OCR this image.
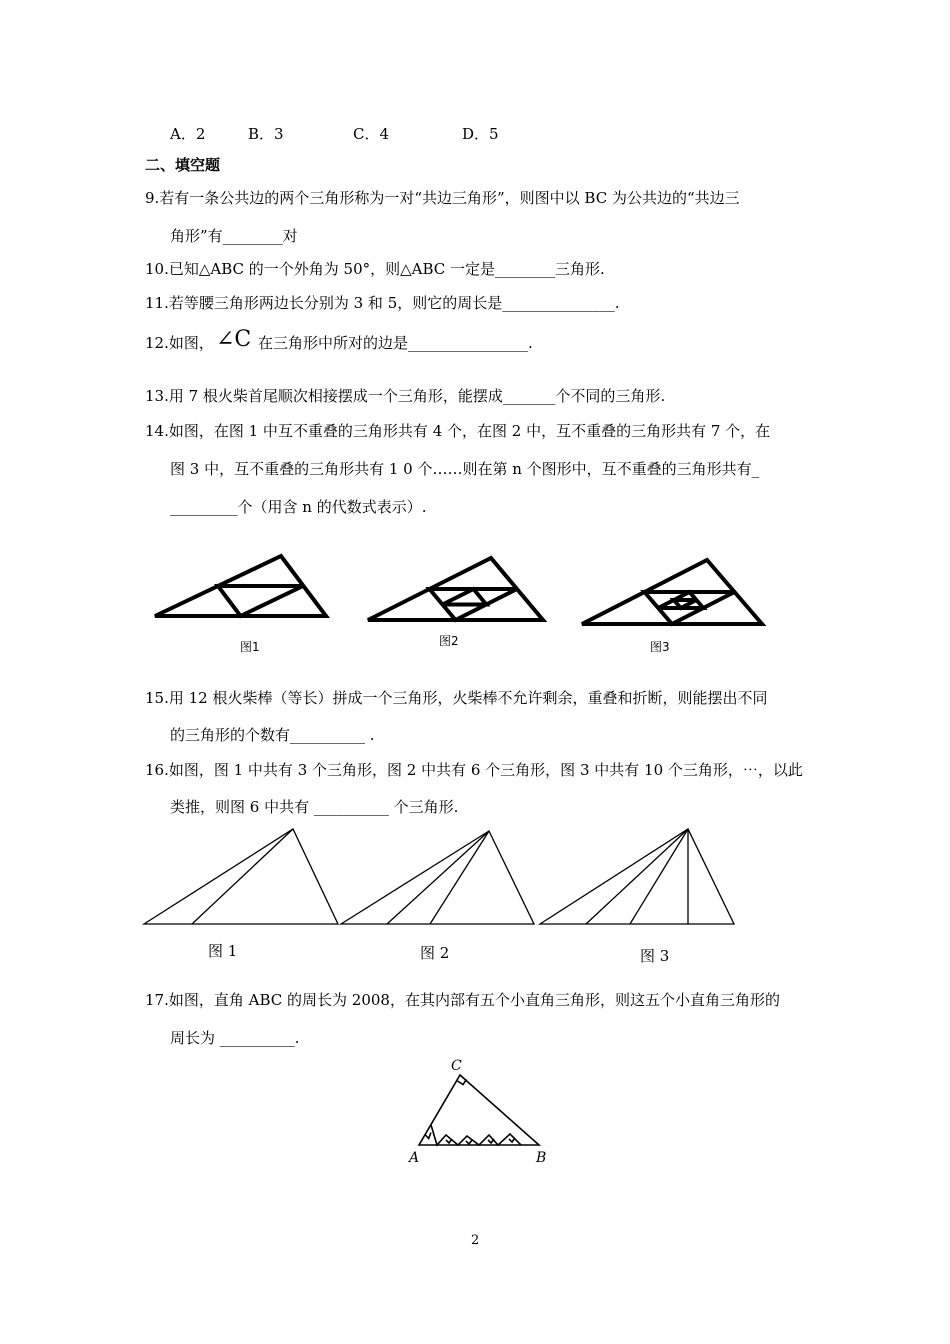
A．2	B．3	C．4	D．5
二、填空题
9.若有一条公共边的两个三角形称为一对“共边三角形”，则图中以 BC 为公共边的“共边三
角形”有________对
10.已知△ABC 的一个外角为 50°，则△ABC 一定是________三角形.
11.若等腰三角形两边长分别为 3 和 5，则它的周长是_______________.
12.如图， ∠C 在三角形中所对的边是________________.
13.用 7 根火柴首尾顺次相接摆成一个三角形，能摆成_______个不同的三角形.
14.如图，在图 1 中互不重叠的三角形共有 4 个，在图 2 中，互不重叠的三角形共有 7 个，在
图 3 中，互不重叠的三角形共有 1 0 个……则在第 n 个图形中，互不重叠的三角形共有_
_________个（用含 n 的代数式表示）.
图1	图2	图3
15.用 12 根火柴棒（等长）拼成一个三角形，火柴棒不允许剩余，重叠和折断，则能摆出不同
的三角形的个数有__________ .
16.如图，图 1 中共有 3 个三角形，图 2 中共有 6 个三角形，图 3 中共有 10 个三角形，⋯，以此
类推，则图 6 中共有 __________ 个三角形.
图 1	图 2	图 3
17.如图，直角 ABC 的周长为 2008，在其内部有五个小直角三角形，则这五个小直角三角形的
周长为 __________.
C
A	B
2
